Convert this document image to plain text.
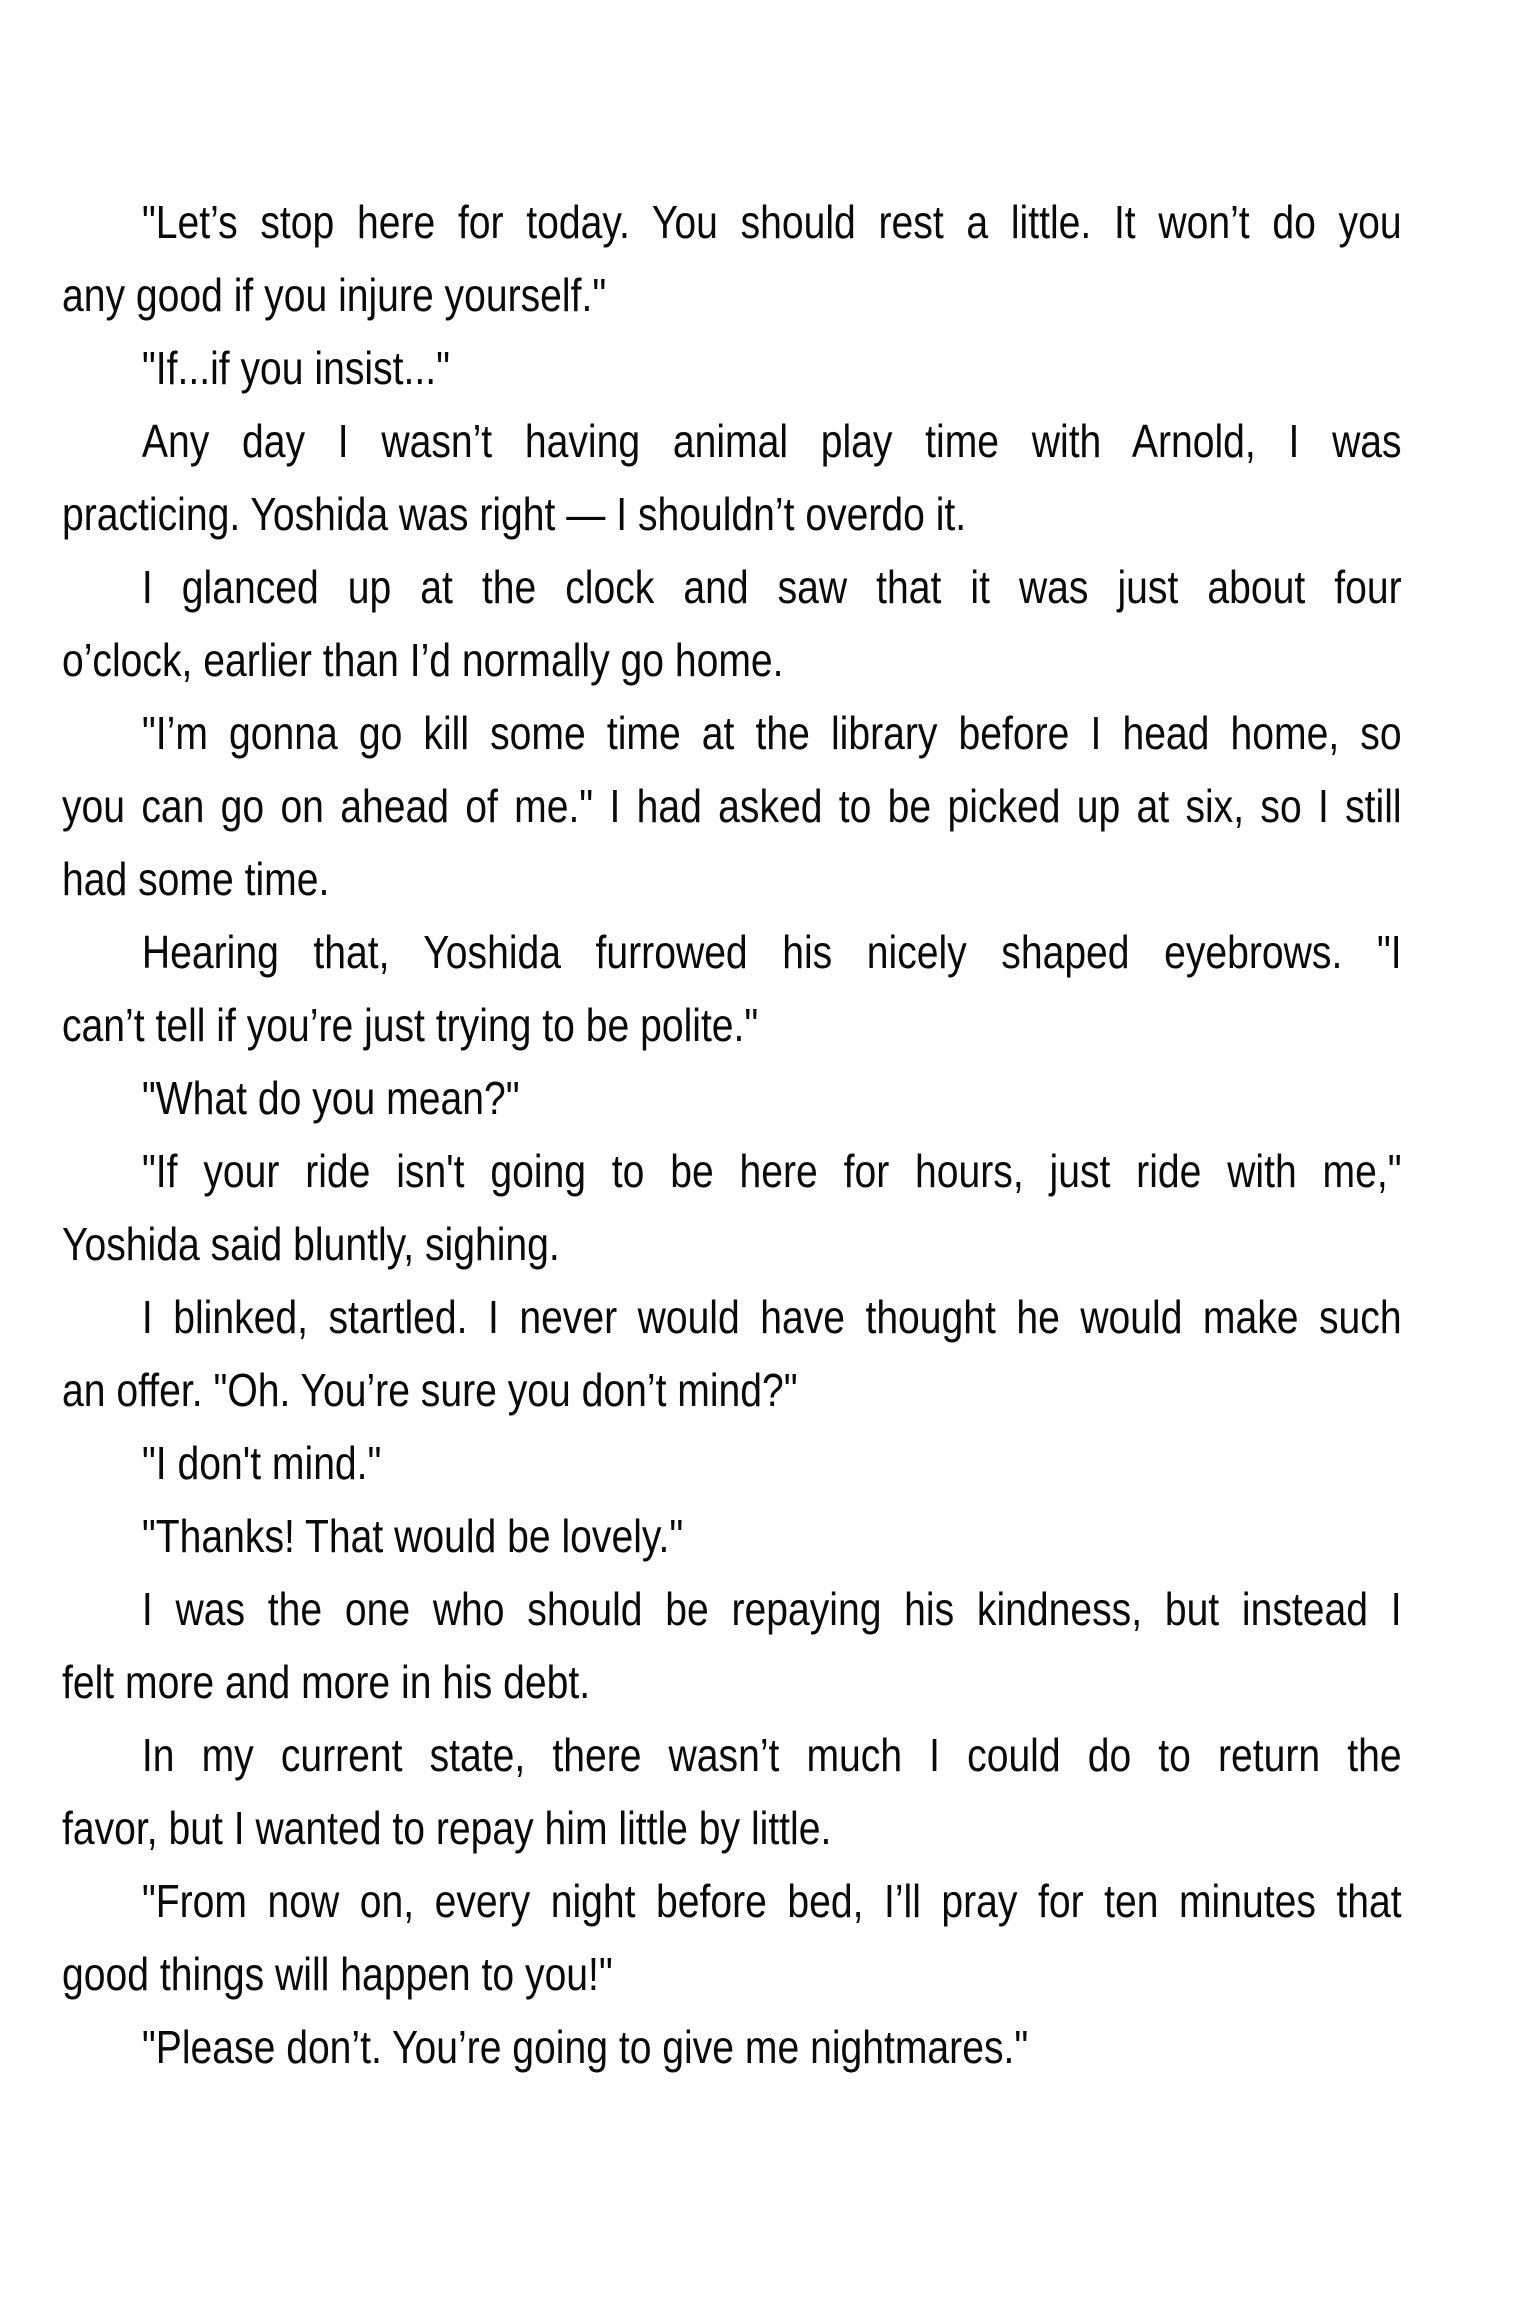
"Let’s stop here for today. You should rest a little. It won’t do you
any good if you injure yourself."
"If...if you insist..."
Any day I wasn’t having animal play time with Arnold, I was
practicing. Yoshida was right — I shouldn’t overdo it.
I glanced up at the clock and saw that it was just about four
o’clock, earlier than I’d normally go home.
"I’m gonna go kill some time at the library before I head home, so
you can go on ahead of me." I had asked to be picked up at six, so I still
had some time.
Hearing that, Yoshida furrowed his nicely shaped eyebrows. "I
can’t tell if you’re just trying to be polite."
"What do you mean?"
"If your ride isn't going to be here for hours, just ride with me,"
Yoshida said bluntly, sighing.
I blinked, startled. I never would have thought he would make such
an offer. "Oh. You’re sure you don’t mind?"
"I don't mind."
"Thanks! That would be lovely."
I was the one who should be repaying his kindness, but instead I
felt more and more in his debt.
In my current state, there wasn’t much I could do to return the
favor, but I wanted to repay him little by little.
"From now on, every night before bed, I’ll pray for ten minutes that
good things will happen to you!"
"Please don’t. You’re going to give me nightmares."
